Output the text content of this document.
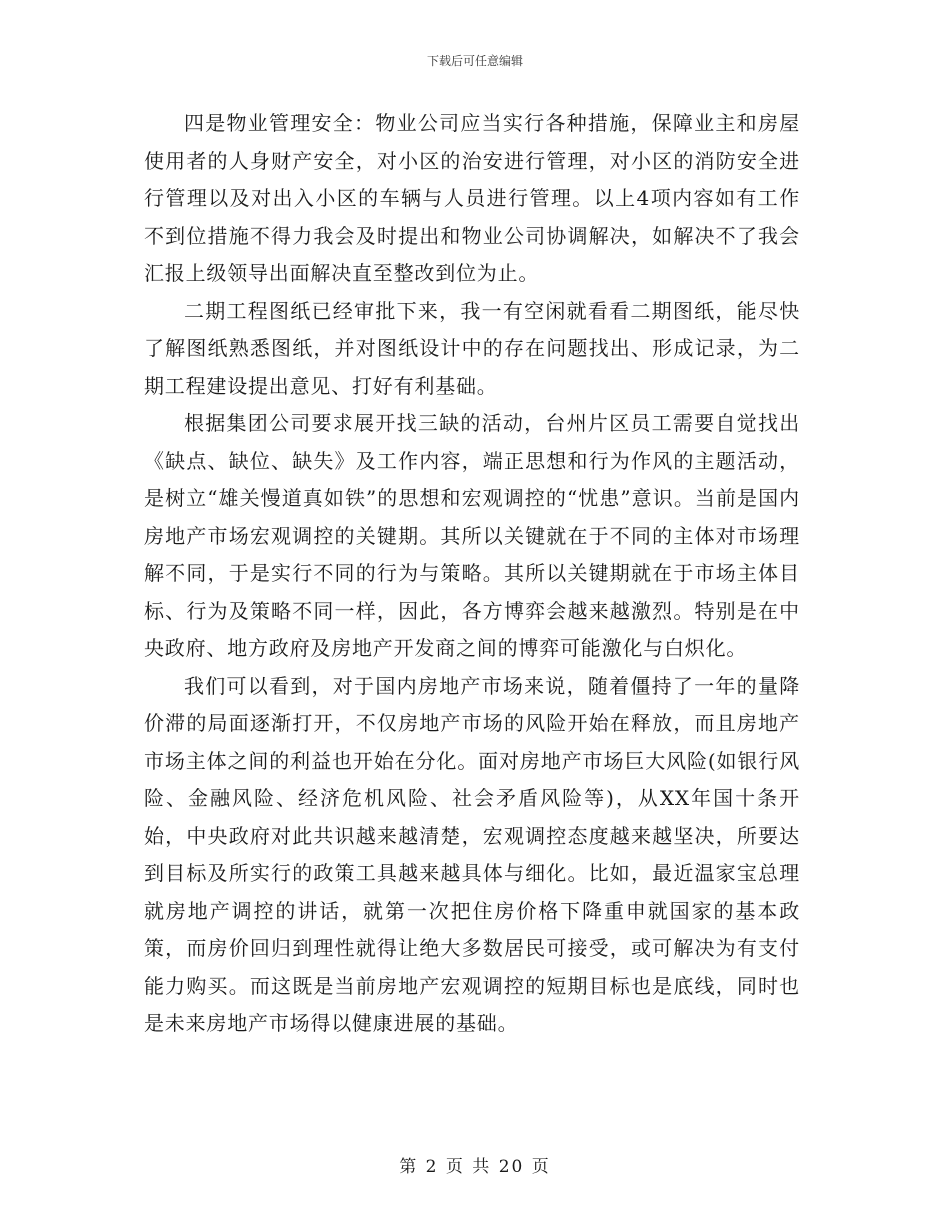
下载后可任意编辑

四是物业管理安全：物业公司应当实行各种措施，保障业主和房屋使用者的人身财产安全，对小区的治安进行管理，对小区的消防安全进行管理以及对出入小区的车辆与人员进行管理。以上4项内容如有工作不到位措施不得力我会及时提出和物业公司协调解决，如解决不了我会汇报上级领导出面解决直至整改到位为止。

二期工程图纸已经审批下来，我一有空闲就看看二期图纸，能尽快了解图纸熟悉图纸，并对图纸设计中的存在问题找出、形成记录，为二期工程建设提出意见、打好有利基础。

根据集团公司要求展开找三缺的活动，台州片区员工需要自觉找出《缺点、缺位、缺失》及工作内容，端正思想和行为作风的主题活动，是树立“雄关慢道真如铁”的思想和宏观调控的“忧患”意识。当前是国内房地产市场宏观调控的关键期。其所以关键就在于不同的主体对市场理解不同，于是实行不同的行为与策略。其所以关键期就在于市场主体目标、行为及策略不同一样，因此，各方博弈会越来越激烈。特别是在中央政府、地方政府及房地产开发商之间的博弈可能激化与白炽化。

我们可以看到，对于国内房地产市场来说，随着僵持了一年的量降价滞的局面逐渐打开，不仅房地产市场的风险开始在释放，而且房地产市场主体之间的利益也开始在分化。面对房地产市场巨大风险(如银行风险、金融风险、经济危机风险、社会矛盾风险等)，从XX年国十条开始，中央政府对此共识越来越清楚，宏观调控态度越来越坚决，所要达到目标及所实行的政策工具越来越具体与细化。比如，最近温家宝总理就房地产调控的讲话，就第一次把住房价格下降重申就国家的基本政策，而房价回归到理性就得让绝大多数居民可接受，或可解决为有支付能力购买。而这既是当前房地产宏观调控的短期目标也是底线，同时也是未来房地产市场得以健康进展的基础。

第 2 页 共 20 页
